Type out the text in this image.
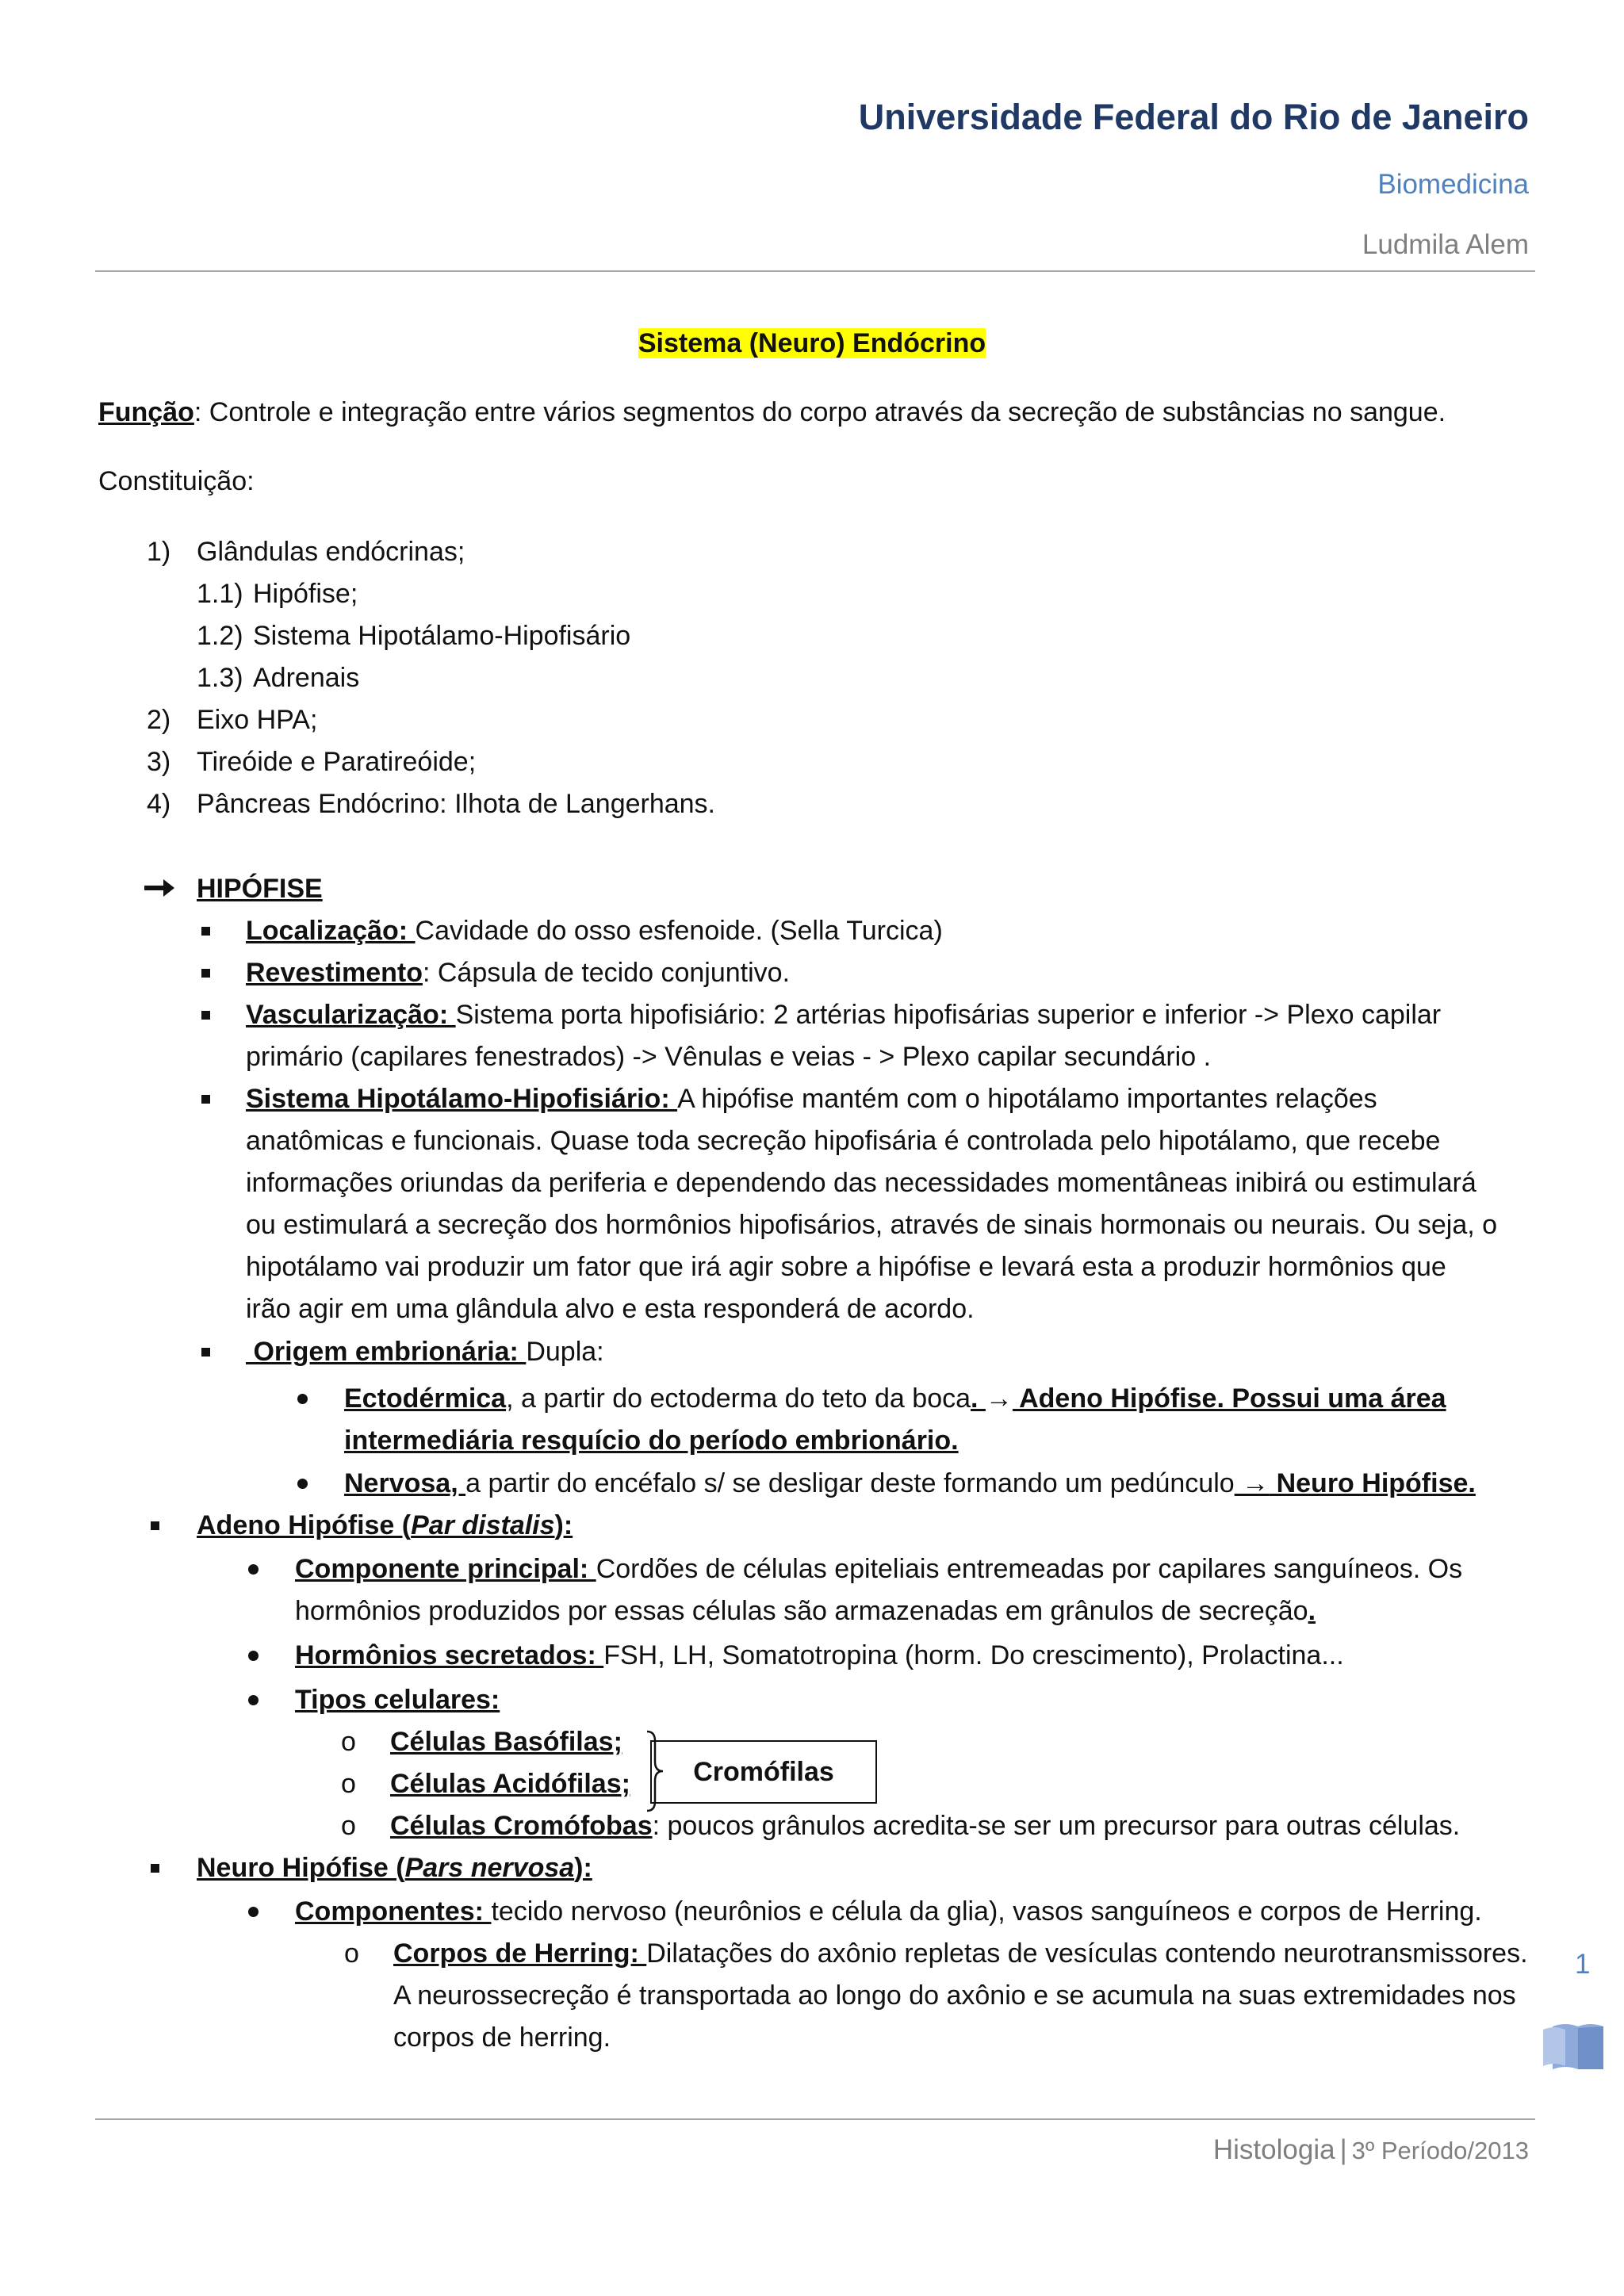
Universidade Federal do Rio de Janeiro
Biomedicina
Ludmila Alem
Sistema (Neuro) Endócrino
Função: Controle e integração entre vários segmentos do corpo através da secreção de substâncias no sangue.
Constituição:
1) Glândulas endócrinas;
1.1) Hipófise;
1.2) Sistema Hipotálamo-Hipofisário
1.3) Adrenais
2) Eixo HPA;
3) Tireóide e Paratireóide;
4) Pâncreas Endócrino: Ilhota de Langerhans.
HIPÓFISE
Localização: Cavidade do osso esfenoide. (Sella Turcica)
Revestimento: Cápsula de tecido conjuntivo.
Vascularização: Sistema porta hipofisiário: 2 artérias hipofisárias superior e inferior -> Plexo capilar
primário (capilares fenestrados) -> Vênulas e veias - > Plexo capilar secundário .
Sistema Hipotálamo-Hipofisiário: A hipófise mantém com o hipotálamo importantes relações
anatômicas e funcionais. Quase toda secreção hipofisária é controlada pelo hipotálamo, que recebe
informações oriundas da periferia e dependendo das necessidades momentâneas inibirá ou estimulará
ou estimulará a secreção dos hormônios hipofisários, através de sinais hormonais ou neurais. Ou seja, o
hipotálamo vai produzir um fator que irá agir sobre a hipófise e levará esta a produzir hormônios que
irão agir em uma glândula alvo e esta responderá de acordo.
Origem embrionária: Dupla:
Ectodérmica, a partir do ectoderma do teto da boca. → Adeno Hipófise. Possui uma área
intermediária resquício do período embrionário.
Nervosa, a partir do encéfalo s/ se desligar deste formando um pedúnculo → Neuro Hipófise.
Adeno Hipófise (Par distalis):
Componente principal: Cordões de células epiteliais entremeadas por capilares sanguíneos. Os
hormônios produzidos por essas células são armazenadas em grânulos de secreção.
Hormônios secretados: FSH, LH, Somatotropina (horm. Do crescimento), Prolactina...
Tipos celulares:
o Células Basófilas;
o Células Acidófilas;	Cromófilas
o Células Cromófobas: poucos grânulos acredita-se ser um precursor para outras células.
Neuro Hipófise (Pars nervosa):
Componentes: tecido nervoso (neurônios e célula da glia), vasos sanguíneos e corpos de Herring.
o Corpos de Herring: Dilatações do axônio repletas de vesículas contendo neurotransmissores.
A neurossecreção é transportada ao longo do axônio e se acumula na suas extremidades nos
corpos de herring.
1
Histologia | 3º Período/2013
